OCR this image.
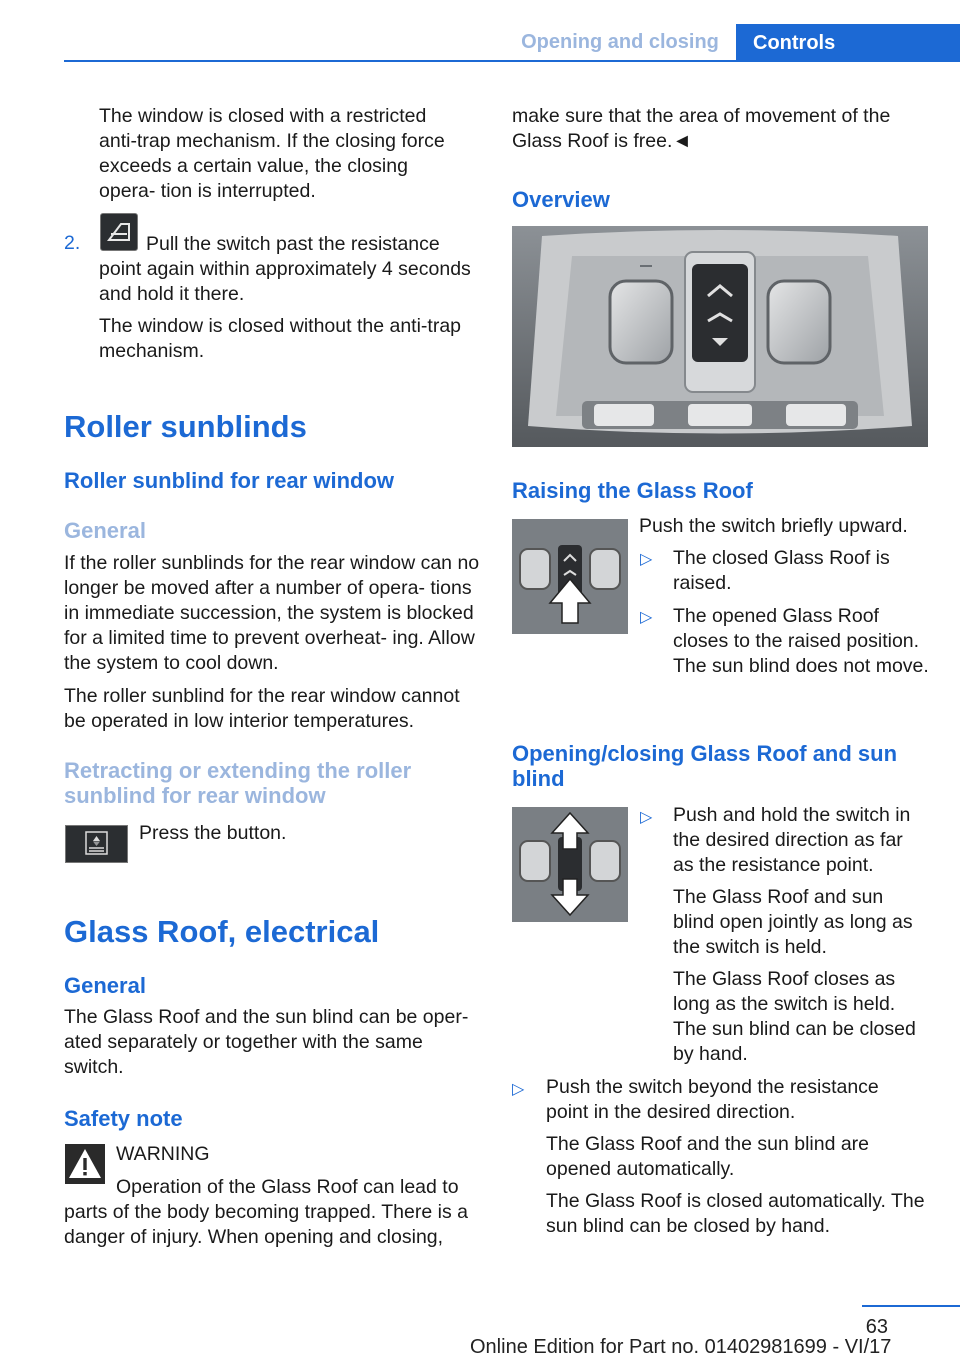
Opening and closing	Controls

The window is closed with a restricted anti-trap mechanism. If the closing force exceeds a certain value, the closing opera‐ tion is interrupted.

2.	Pull the switch past the resistance point again within approximately 4 seconds and hold it there.

The window is closed without the anti-trap mechanism.

Roller sunblinds
Roller sunblind for rear window
General

If the roller sunblinds for the rear window can no longer be moved after a number of opera‐ tions in immediate succession, the system is blocked for a limited time to prevent overheat‐ ing. Allow the system to cool down.

The roller sunblind for the rear window cannot be operated in low interior temperatures.

Retracting or extending the roller sunblind for rear window

Press the button.

Glass Roof, electrical
General

The Glass Roof and the sun blind can be oper‐ ated separately or together with the same switch.

Safety note

WARNING

Operation of the Glass Roof can lead to

parts of the body becoming trapped. There is a danger of injury. When opening and closing,

make sure that the area of movement of the Glass Roof is free.◄

Overview
Raising the Glass Roof

Push the switch briefly upward.

▷ The closed Glass Roof is raised.

▷ The opened Glass Roof closes to the raised position. The sun blind does not move.

Opening/closing Glass Roof and sun blind
▷ Push and hold the switch in the desired direction as far as the resistance point.

The Glass Roof and sun blind open jointly as long as the switch is held.

The Glass Roof closes as long as the switch is held. The sun blind can be closed by hand.

▷ Push the switch beyond the resistance point in the desired direction.

The Glass Roof and the sun blind are opened automatically.

The Glass Roof is closed automatically. The sun blind can be closed by hand.

63
Online Edition for Part no. 01402981699 - VI/17
